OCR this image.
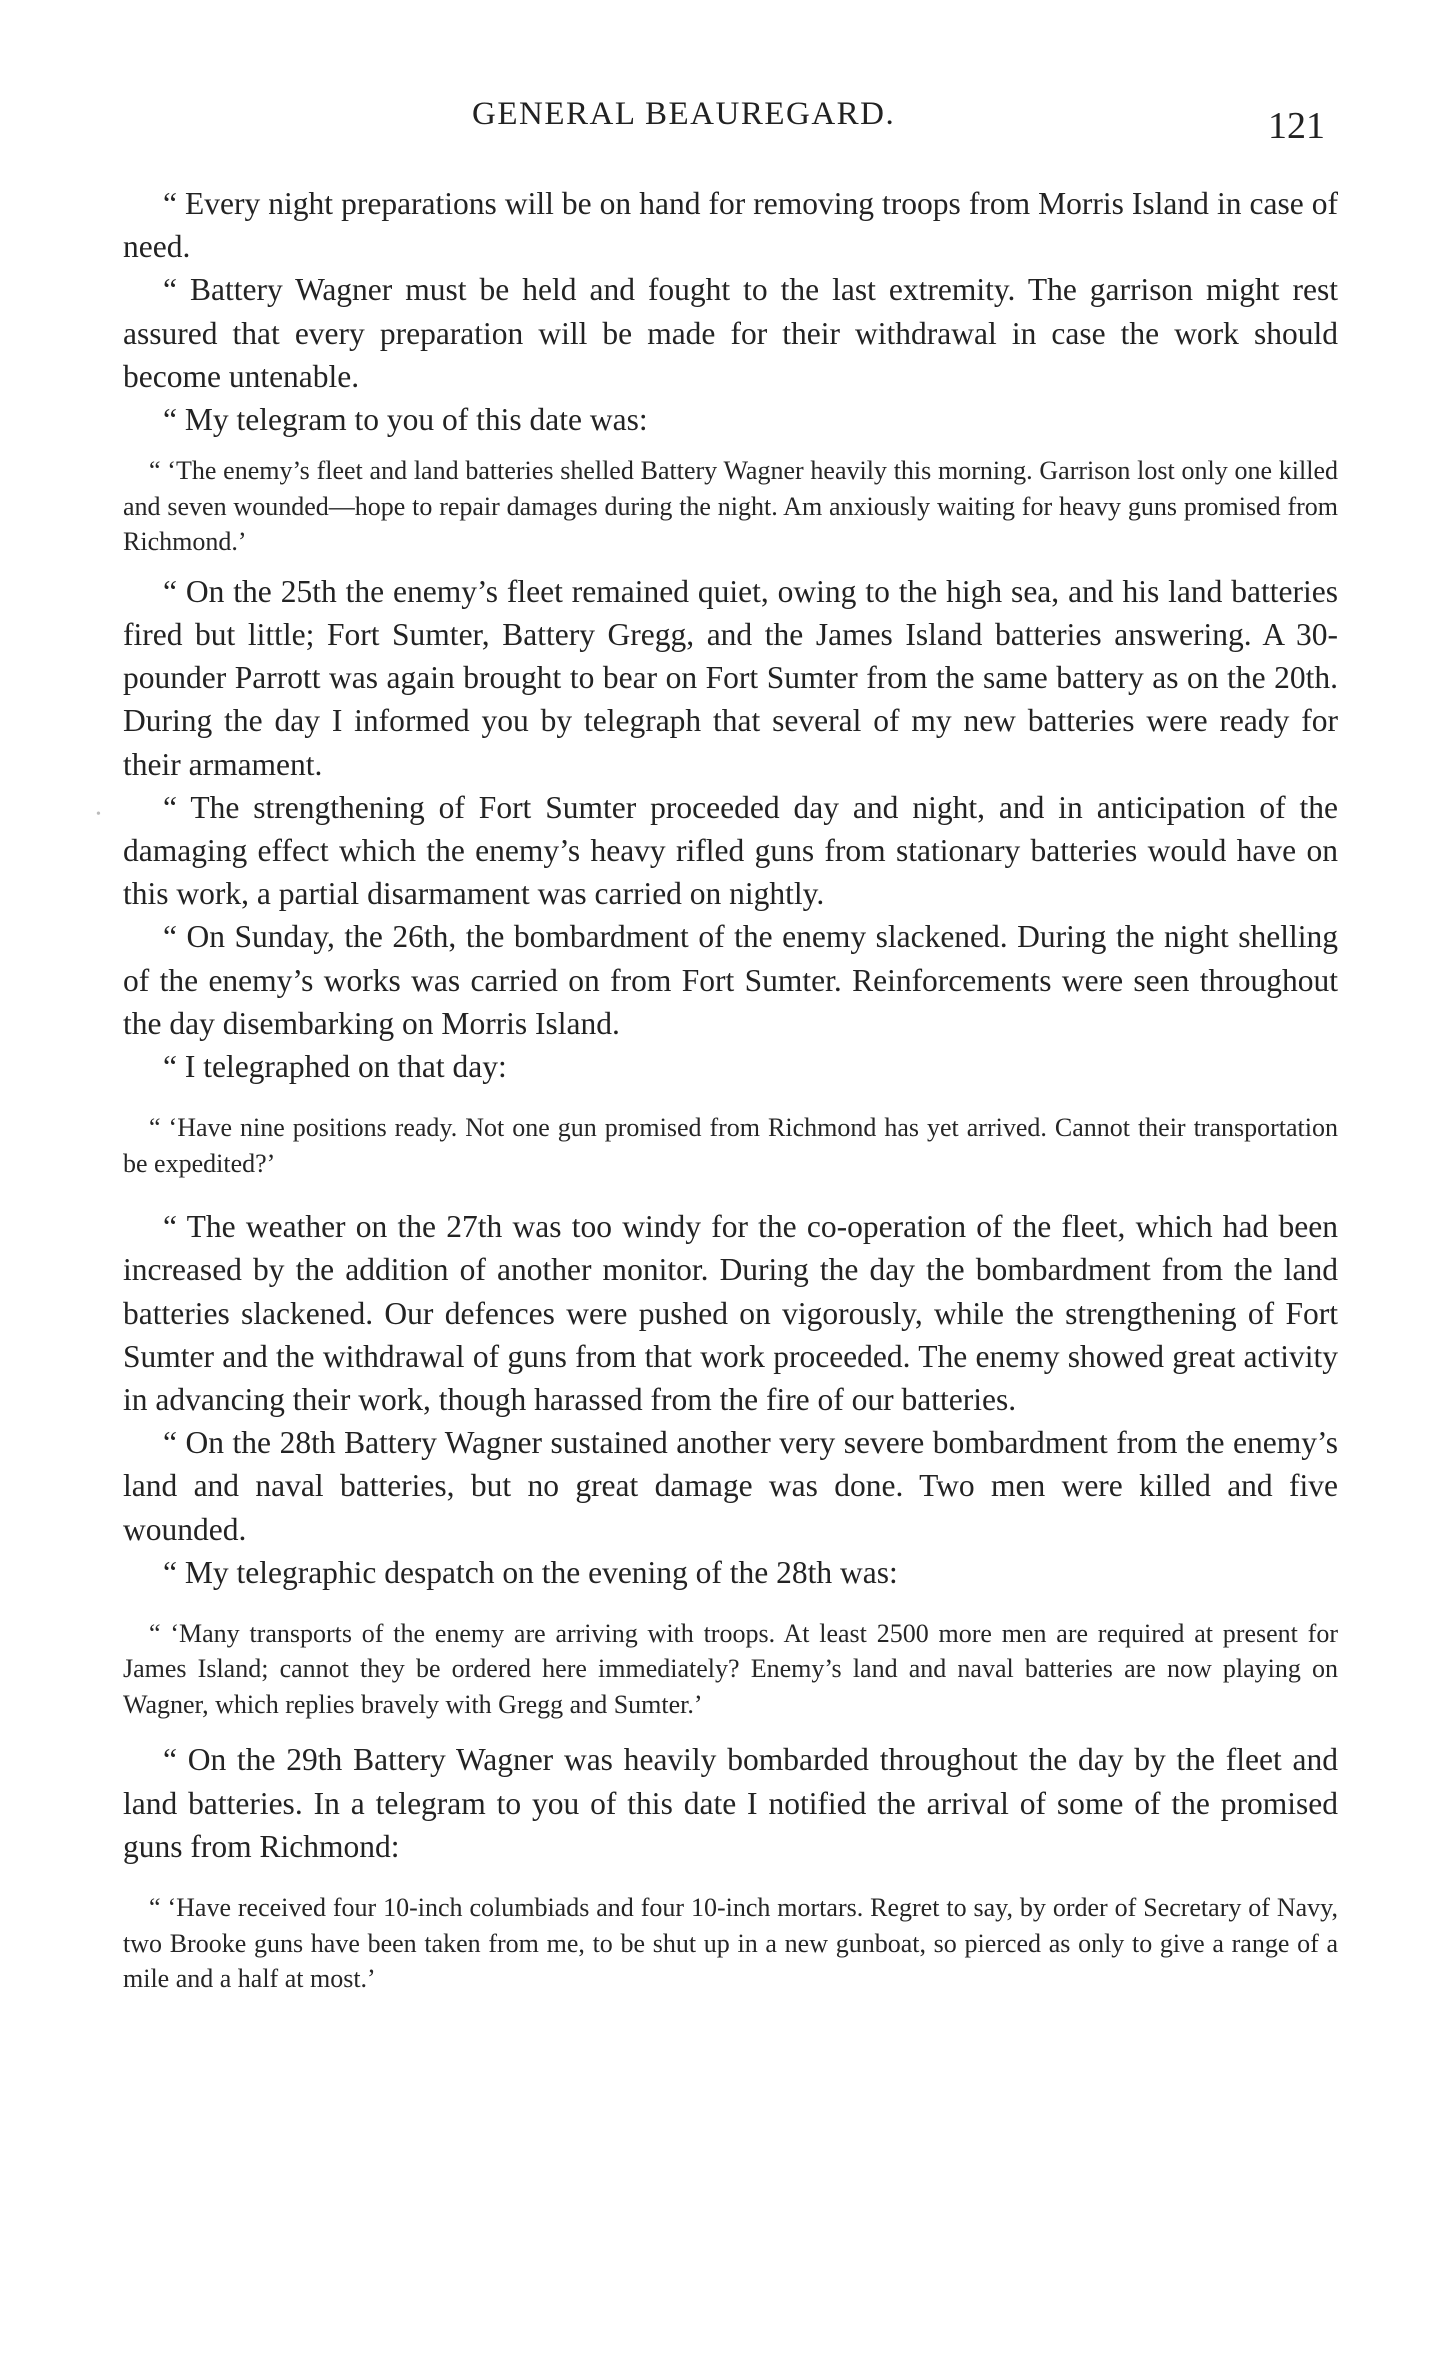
GENERAL BEAUREGARD.	121

“ Every night preparations will be on hand for removing troops from Morris Island in case of need.

“ Battery Wagner must be held and fought to the last extremity. The garrison might rest assured that every preparation will be made for their withdrawal in case the work should become untenable.

“ My telegram to you of this date was:

“ ‘The enemy’s fleet and land batteries shelled Battery Wagner heavily this morning. Garrison lost only one killed and seven wounded—hope to repair damages during the night. Am anxiously waiting for heavy guns promised from Richmond.’

“ On the 25th the enemy’s fleet remained quiet, owing to the high sea, and his land batteries fired but little; Fort Sumter, Battery Gregg, and the James Island batteries answering. A 30-pounder Parrott was again brought to bear on Fort Sumter from the same battery as on the 20th. During the day I informed you by telegraph that several of my new batteries were ready for their armament.

“ The strengthening of Fort Sumter proceeded day and night, and in anticipation of the damaging effect which the enemy’s heavy rifled guns from stationary batteries would have on this work, a partial disarmament was carried on nightly.

“ On Sunday, the 26th, the bombardment of the enemy slackened. During the night shelling of the enemy’s works was carried on from Fort Sumter. Reinforcements were seen throughout the day disembarking on Morris Island.

“ I telegraphed on that day:

“ ‘Have nine positions ready. Not one gun promised from Richmond has yet arrived. Cannot their transportation be expedited?’

“ The weather on the 27th was too windy for the co-operation of the fleet, which had been increased by the addition of another monitor. During the day the bombardment from the land batteries slackened. Our defences were pushed on vigorously, while the strengthening of Fort Sumter and the withdrawal of guns from that work proceeded. The enemy showed great activity in advancing their work, though harassed from the fire of our batteries.

“ On the 28th Battery Wagner sustained another very severe bombardment from the enemy’s land and naval batteries, but no great damage was done. Two men were killed and five wounded.

“ My telegraphic despatch on the evening of the 28th was:

“ ‘Many transports of the enemy are arriving with troops. At least 2500 more men are required at present for James Island; cannot they be ordered here immediately? Enemy’s land and naval batteries are now playing on Wagner, which replies bravely with Gregg and Sumter.’

“ On the 29th Battery Wagner was heavily bombarded throughout the day by the fleet and land batteries. In a telegram to you of this date I notified the arrival of some of the promised guns from Richmond:

“ ‘Have received four 10-inch columbiads and four 10-inch mortars. Regret to say, by order of Secretary of Navy, two Brooke guns have been taken from me, to be shut up in a new gunboat, so pierced as only to give a range of a mile and a half at most.’

•
